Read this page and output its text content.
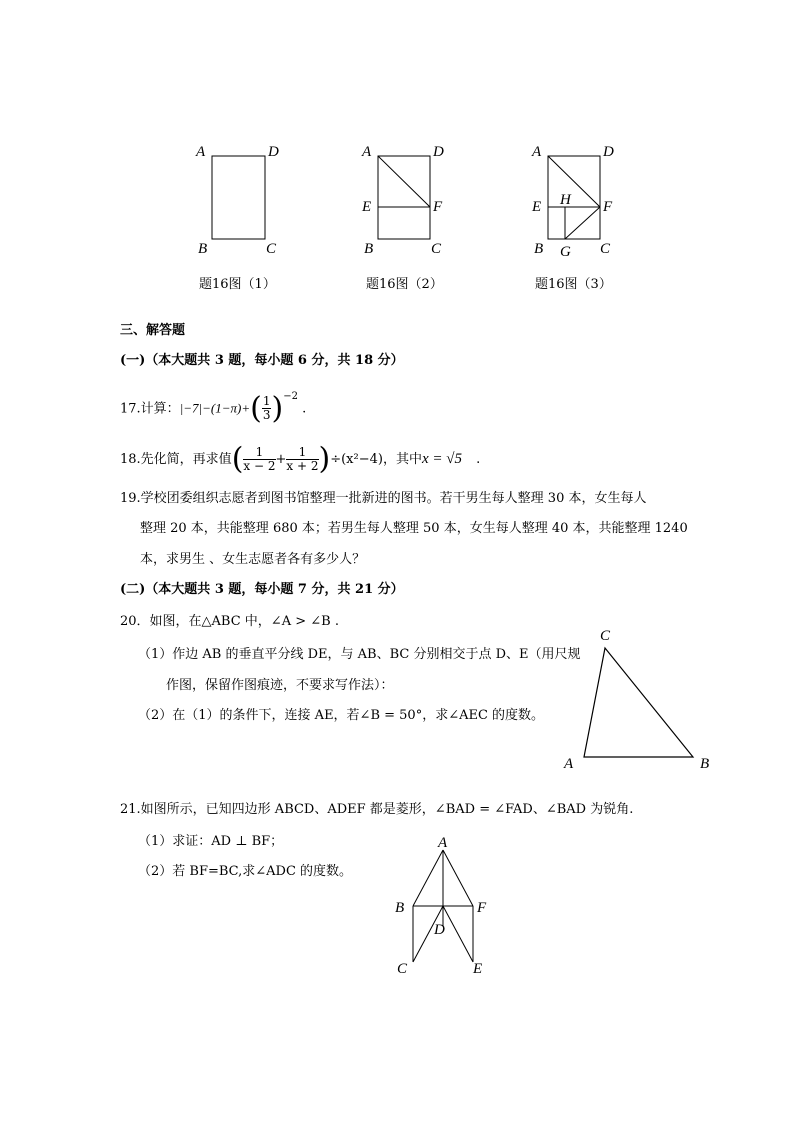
A	D
B	C
题16图（1）
A	D
E	F
B	C
题16图（2）
A	D
E	F
H
B G C
题16图（3）
三、解答题
(一)（本大题共 3 题，每小题 6 分，共 18 分）
17.计算：$|-7|-(1-\pi)+( \frac{1}{3} )^{-2}$ .
18.先化简，再求值( $\frac{1}{x - 2} + \frac{1}{x + 2} )\div(x^2-4)$，其中x = √5 .
19.学校团委组织志愿者到图书馆整理一批新进的图书。若干男生每人整理 30 本，女生每人
整理 20 本，共能整理 680 本；若男生每人整理 50 本，女生每人整理 40 本，共能整理 1240
本，求男生 、女生志愿者各有多少人？
(二)（本大题共 3 题，每小题 7 分，共 21 分）
20．如图，在△ABC 中，∠A > ∠B .
（1）作边 AB 的垂直平分线 DE，与 AB、BC 分别相交于点 D、E（用尺规
作图，保留作图痕迹，不要求写作法）：
（2）在（1）的条件下，连接 AE，若∠B = 50°，求∠AEC 的度数。
C
A	B
21.如图所示，已知四边形 ABCD、ADEF 都是菱形，∠BAD = ∠FAD、∠BAD 为锐角.
（1）求证：AD ⊥ BF；
（2）若 BF=BC,求∠ADC 的度数。
A
B	F
D
C	E
